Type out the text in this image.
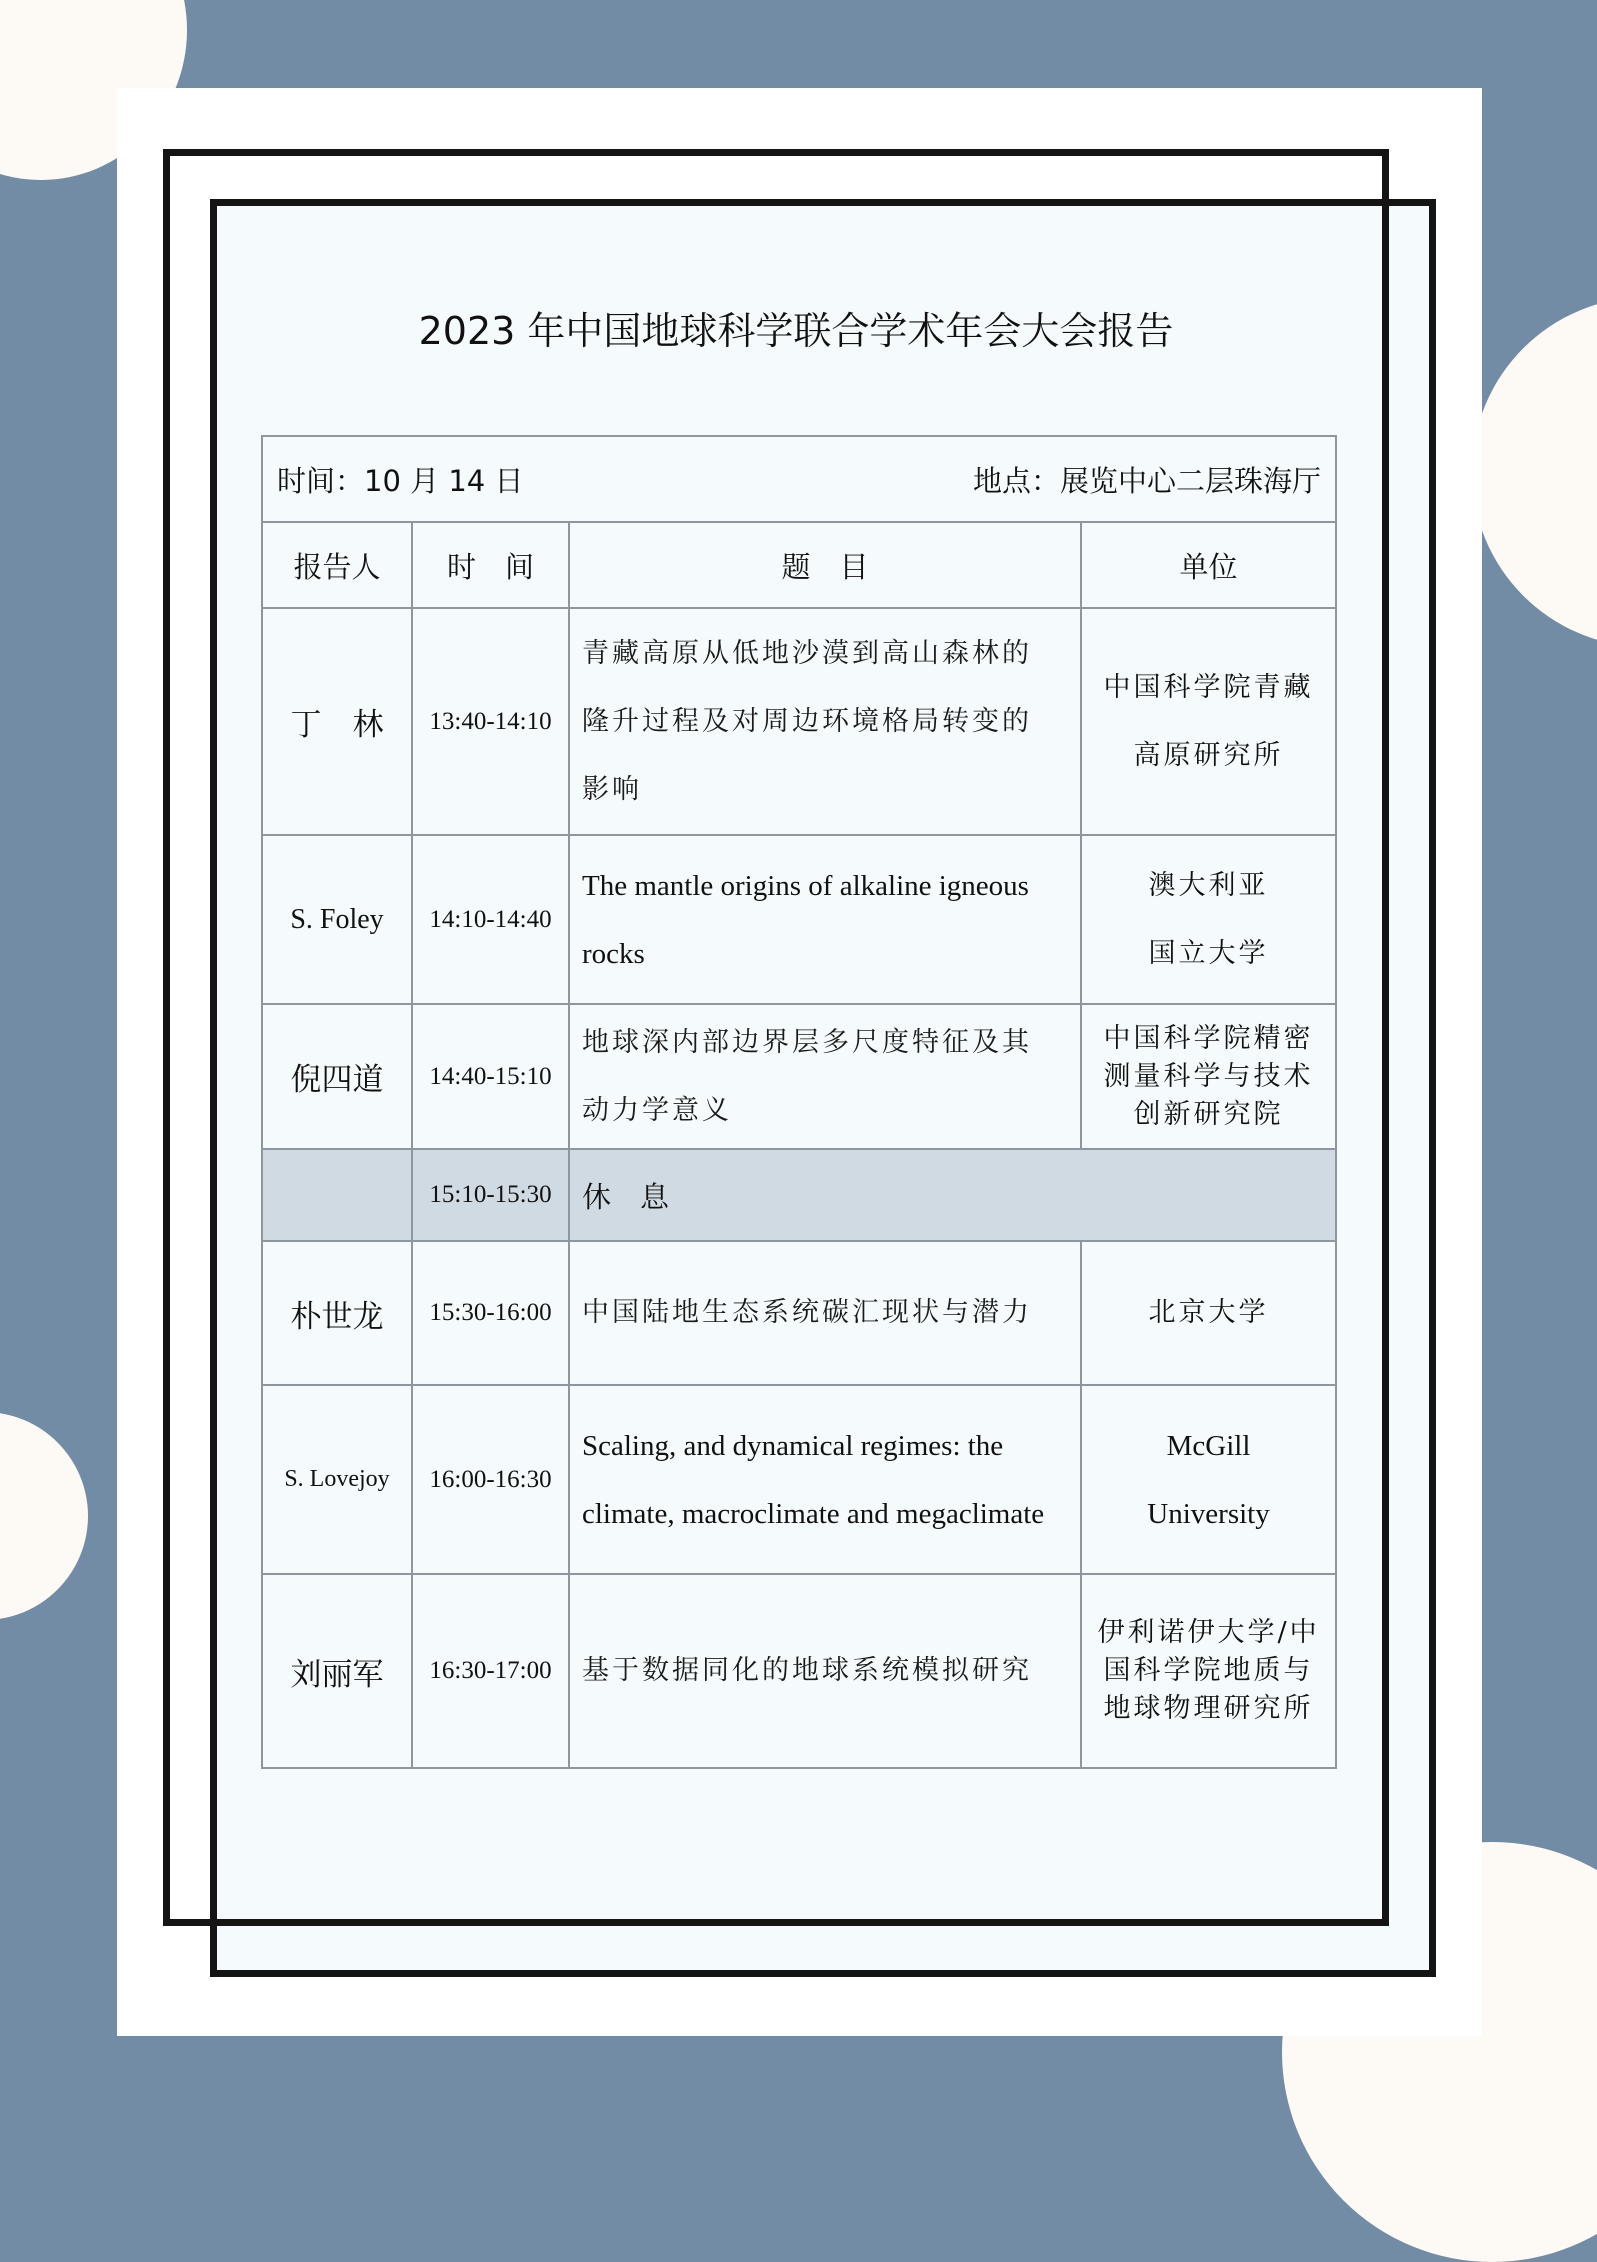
2023 年中国地球科学联合学术年会大会报告
时间：10 月 14 日 地点：展览中心二层珠海厅			

报告人	时　间	题　目	单位
丁　林	13:40-14:10	青藏高原从低地沙漠到高山森林的
隆升过程及对周边环境格局转变的
影响	中国科学院青藏
高原研究所

S. Foley	14:10-14:40	The mantle origins of alkaline igneous
rocks	澳大利亚
国立大学

倪四道	14:40-15:10	地球深内部边界层多尺度特征及其
动力学意义	中国科学院精密
测量科学与技术
创新研究院

	15:10-15:30	休　息	
朴世龙	15:30-16:00	中国陆地生态系统碳汇现状与潜力	北京大学

S. Lovejoy	16:00-16:30	Scaling, and dynamical regimes: the
climate, macroclimate and megaclimate	McGill
University

刘丽军	16:30-17:00	基于数据同化的地球系统模拟研究	伊利诺伊大学/中
国科学院地质与
地球物理研究所
